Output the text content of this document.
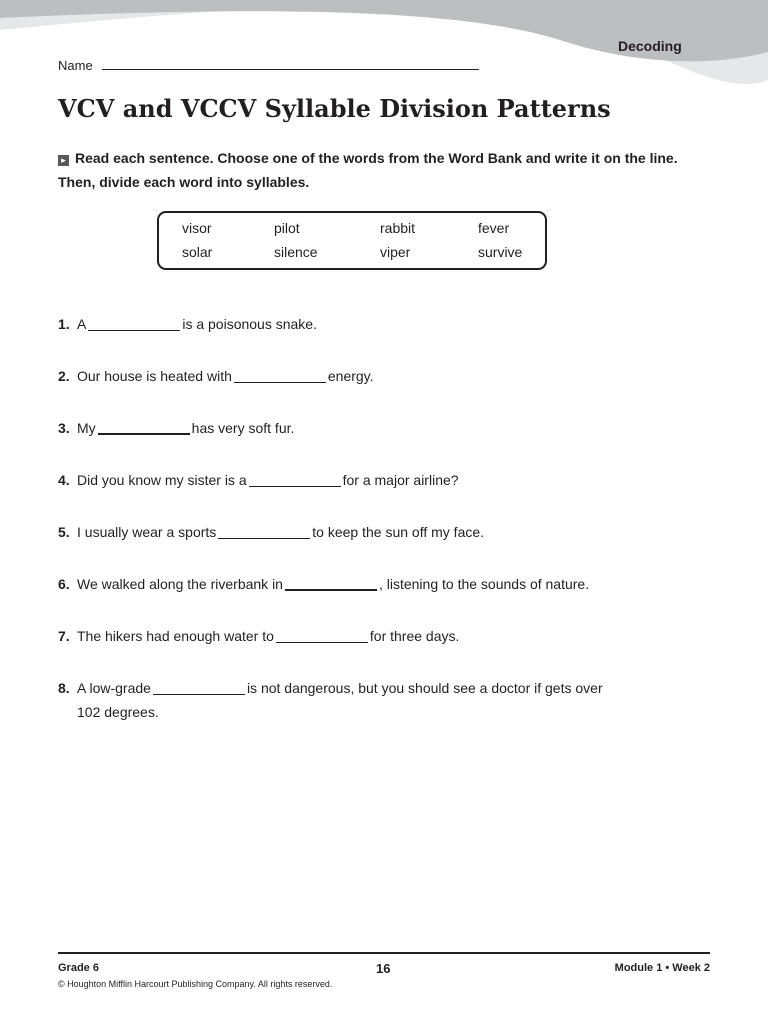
Decoding
Name
VCV and VCCV Syllable Division Patterns
▸ Read each sentence. Choose one of the words from the Word Bank and write it on the line. Then, divide each word into syllables.
visor	pilot	rabbit	fever
solar	silence	viper	survive
1. A	is a poisonous snake.
2. Our house is heated with	energy.
3. My	has very soft fur.
4. Did you know my sister is a	for a major airline?
5. I usually wear a sports	to keep the sun off my face.
6. We walked along the riverbank in	, listening to the sounds of nature.
7. The hikers had enough water to	for three days.
8. A low-grade	is not dangerous, but you should see a doctor if gets over
102 degrees.
Grade 6	16	Module 1 • Week 2
© Houghton Mifflin Harcourt Publishing Company. All rights reserved.
